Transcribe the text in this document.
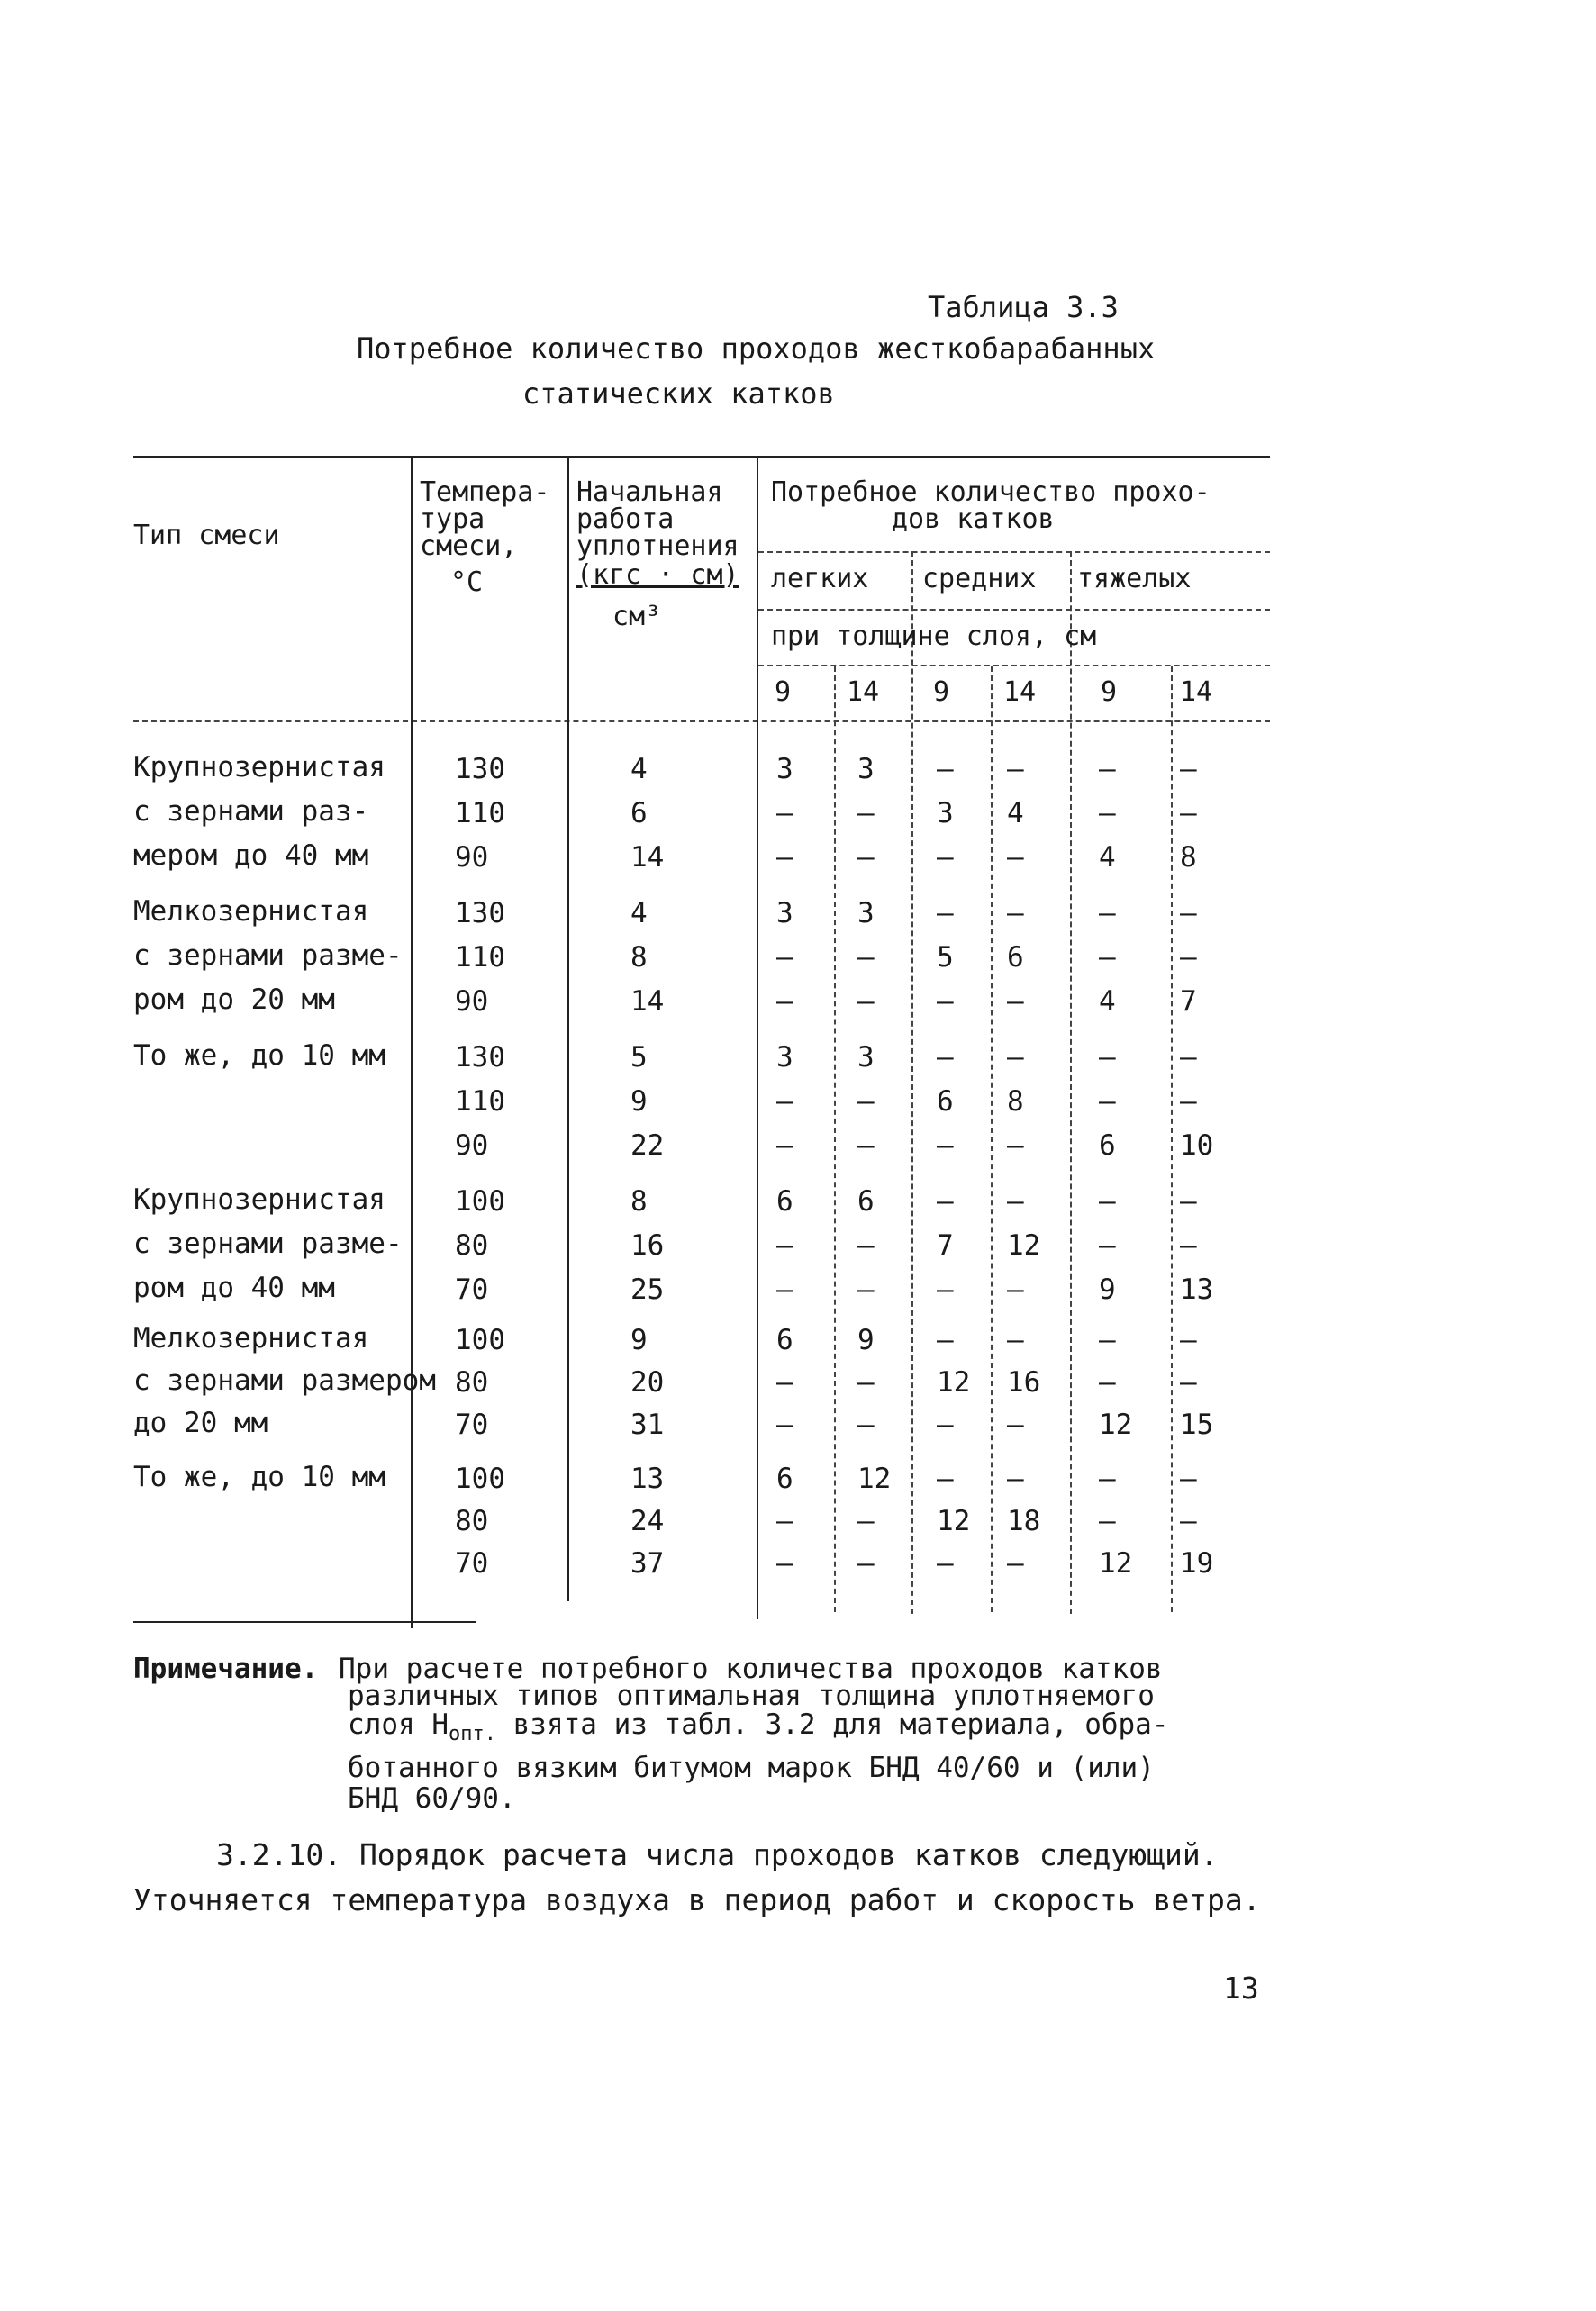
Таблица 3.3
Потребное количество проходов жесткобарабанных
статических катков
Тип смеси
Темпера-
тура
смеси,
°C
Начальная
работа
уплотнения
(кгс · см)
см³
Потребное количество прохо-
дов катков
легких средних тяжелых
при толщине слоя, см
9 14 9 14 9 14
Крупнозернистая
с зернами раз-
мером до 40 мм
130	4	3 3 – –	– –
110	6	– – 3 4	– –
90	14	– – – –	4 8
Мелкозернистая
с зернами разме-
ром до 20 мм
130	4	3 3 – –	– –
110	8	– – 5 6	– –
90	14	– – – –	4 7
То же, до 10 мм 130	5	3 3 – –	– –
110	9	– – 6 8	– –
90	22	– – – –	6 10
Крупнозернистая
с зернами разме-
ром до 40 мм
100	8	6 6 – –	– –
80	16	– – 7 12 – –
70	25	– – – –	9 13
Мелкозернистая
с зернами размером
до 20 мм
100	9	6 9 – –	– –
80	20	– – 12 16 – –
70	31	– – – –	12 15
То же, до 10 мм 100	13	6 12 – –	– –
80	24	– – 12 18 – –
70	37	– – – –	12 19
Примечание. При расчете потребного количества проходов катков
различных типов оптимальная толщина уплотняемого
слоя $H_{опт.}$ взята из табл. 3.2 для материала, обра-
ботанного вязким битумом марок БНД 40/60 и (или)
БНД 60/90.
3.2.10. Порядок расчета числа проходов катков следующий.
Уточняется температура воздуха в период работ и скорость ветра.
13
